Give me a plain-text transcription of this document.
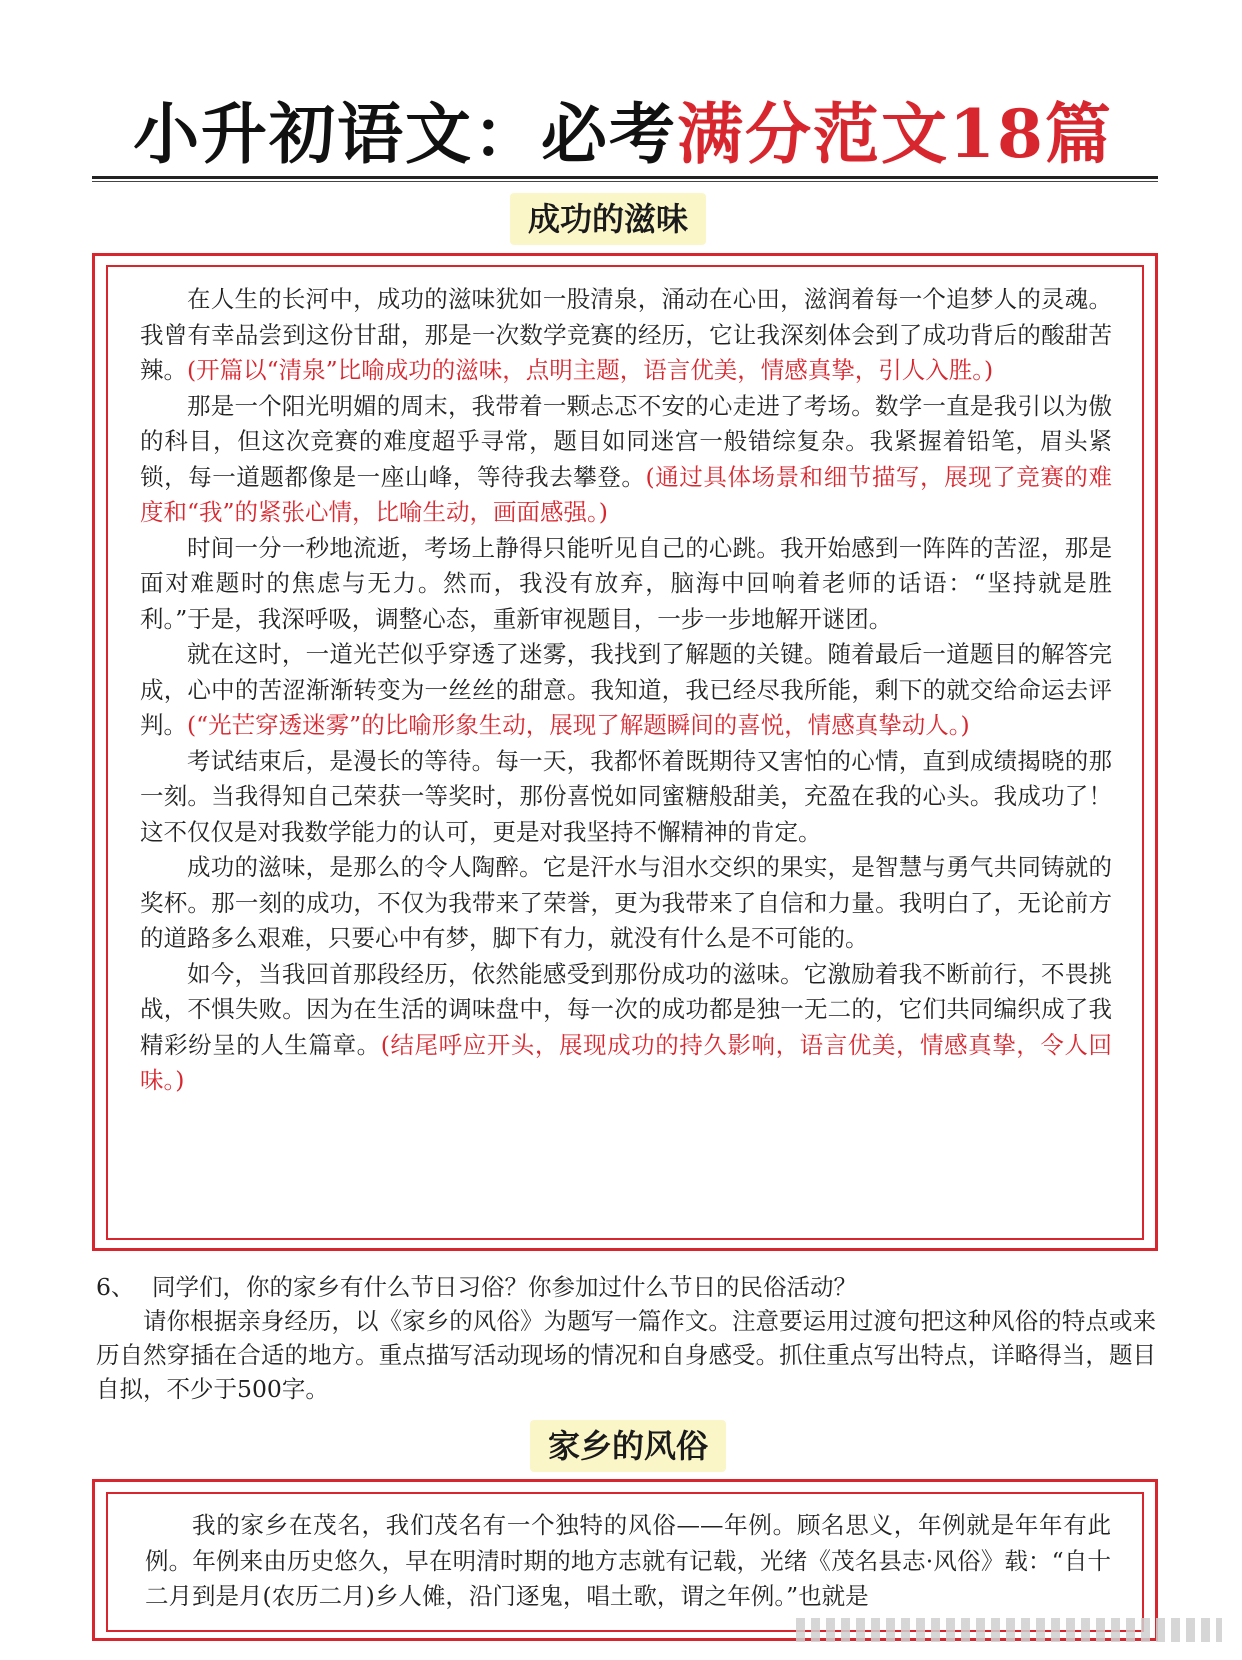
小升初语文：必考满分范文18篇
成功的滋味

在人生的长河中，成功的滋味犹如一股清泉，涌动在心田，滋润着每一个追梦人的灵魂。我曾有幸品尝到这份甘甜，那是一次数学竞赛的经历，它让我深刻体会到了成功背后的酸甜苦辣。(开篇以“清泉”比喻成功的滋味，点明主题，语言优美，情感真挚，引人入胜。)

那是一个阳光明媚的周末，我带着一颗忐忑不安的心走进了考场。数学一直是我引以为傲的科目，但这次竞赛的难度超乎寻常，题目如同迷宫一般错综复杂。我紧握着铅笔，眉头紧锁，每一道题都像是一座山峰，等待我去攀登。(通过具体场景和细节描写，展现了竞赛的难度和“我”的紧张心情，比喻生动，画面感强。)

时间一分一秒地流逝，考场上静得只能听见自己的心跳。我开始感到一阵阵的苦涩，那是面对难题时的焦虑与无力。然而，我没有放弃，脑海中回响着老师的话语：“坚持就是胜利。”于是，我深呼吸，调整心态，重新审视题目，一步一步地解开谜团。

就在这时，一道光芒似乎穿透了迷雾，我找到了解题的关键。随着最后一道题目的解答完成，心中的苦涩渐渐转变为一丝丝的甜意。我知道，我已经尽我所能，剩下的就交给命运去评判。(“光芒穿透迷雾”的比喻形象生动，展现了解题瞬间的喜悦，情感真挚动人。)

考试结束后，是漫长的等待。每一天，我都怀着既期待又害怕的心情，直到成绩揭晓的那一刻。当我得知自己荣获一等奖时，那份喜悦如同蜜糖般甜美，充盈在我的心头。我成功了！这不仅仅是对我数学能力的认可，更是对我坚持不懈精神的肯定。

成功的滋味，是那么的令人陶醉。它是汗水与泪水交织的果实，是智慧与勇气共同铸就的奖杯。那一刻的成功，不仅为我带来了荣誉，更为我带来了自信和力量。我明白了，无论前方的道路多么艰难，只要心中有梦，脚下有力，就没有什么是不可能的。

如今，当我回首那段经历，依然能感受到那份成功的滋味。它激励着我不断前行，不畏挑战，不惧失败。因为在生活的调味盘中，每一次的成功都是独一无二的，它们共同编织成了我精彩纷呈的人生篇章。(结尾呼应开头，展现成功的持久影响，语言优美，情感真挚，令人回味。)

6、 同学们，你的家乡有什么节日习俗？你参加过什么节日的民俗活动？

请你根据亲身经历，以《家乡的风俗》为题写一篇作文。注意要运用过渡句把这种风俗的特点或来历自然穿插在合适的地方。重点描写活动现场的情况和自身感受。抓住重点写出特点，详略得当，题目自拟，不少于500字。

家乡的风俗

我的家乡在茂名，我们茂名有一个独特的风俗——年例。顾名思义，年例就是年年有此例。年例来由历史悠久，早在明清时期的地方志就有记载，光绪《茂名县志·风俗》载：“自十二月到是月(农历二月)乡人傩，沿门逐鬼，唱土歌，谓之年例。”也就是
